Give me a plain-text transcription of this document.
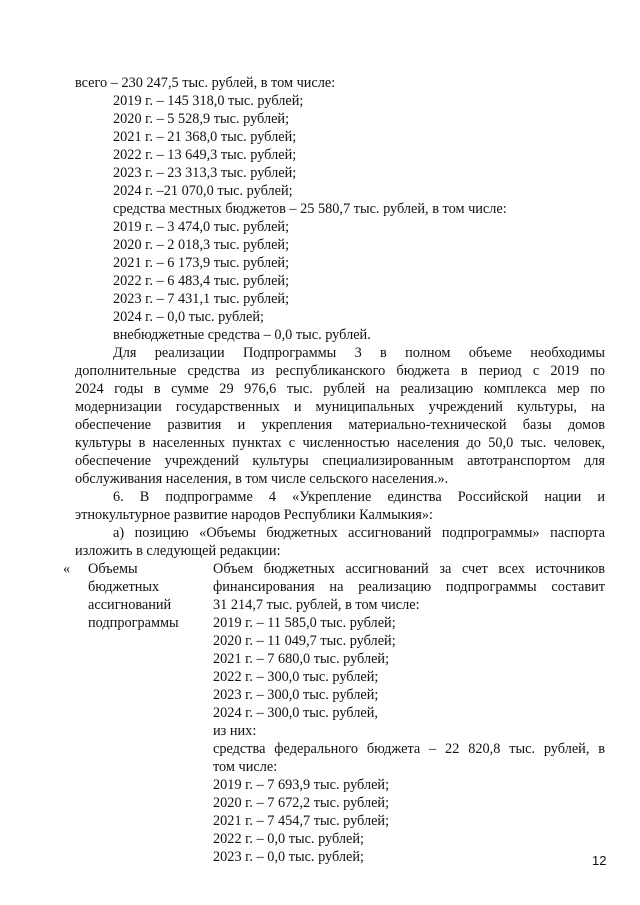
всего – 230 247,5 тыс. рублей, в том числе:

2019 г. – 145 318,0 тыс. рублей;

2020 г. – 5 528,9 тыс. рублей;

2021 г. – 21 368,0 тыс. рублей;

2022 г. – 13 649,3 тыс. рублей;

2023 г. – 23 313,3 тыс. рублей;

2024 г. –21 070,0 тыс. рублей;

средства местных бюджетов – 25 580,7 тыс. рублей, в том числе:

2019 г. – 3 474,0 тыс. рублей;

2020 г. – 2 018,3 тыс. рублей;

2021 г. – 6 173,9 тыс. рублей;

2022 г. – 6 483,4 тыс. рублей;

2023 г. – 7 431,1 тыс. рублей;

2024 г. – 0,0 тыс. рублей;

внебюджетные средства – 0,0 тыс. рублей.

Для реализации Подпрограммы 3 в полном объеме необходимы

дополнительные средства из республиканского бюджета в период с 2019 по

2024 годы в сумме 29 976,6 тыс. рублей на реализацию комплекса мер по

модернизации государственных и муниципальных учреждений культуры, на

обеспечение развития и укрепления материально-технической базы домов

культуры в населенных пунктах с численностью населения до 50,0 тыс. человек,

обеспечение учреждений культуры специализированным автотранспортом для

обслуживания населения, в том числе сельского населения.».

6. В подпрограмме 4 «Укрепление единства Российской нации и

этнокультурное развитие народов Республики Калмыкия»:

а) позицию «Объемы бюджетных ассигнований подпрограммы» паспорта

изложить в следующей редакции:

« Объемы

бюджетных

ассигнований

подпрограммы

Объем бюджетных ассигнований за счет всех источников

финансирования на реализацию подпрограммы составит

31 214,7 тыс. рублей, в том числе:

2019 г. – 11 585,0 тыс. рублей;

2020 г. – 11 049,7 тыс. рублей;

2021 г. – 7 680,0 тыс. рублей;

2022 г. – 300,0 тыс. рублей;

2023 г. – 300,0 тыс. рублей;

2024 г. – 300,0 тыс. рублей,

из них:

средства федерального бюджета – 22 820,8 тыс. рублей, в

том числе:

2019 г. – 7 693,9 тыс. рублей;

2020 г. – 7 672,2 тыс. рублей;

2021 г. – 7 454,7 тыс. рублей;

2022 г. – 0,0 тыс. рублей;

2023 г. – 0,0 тыс. рублей;	12
